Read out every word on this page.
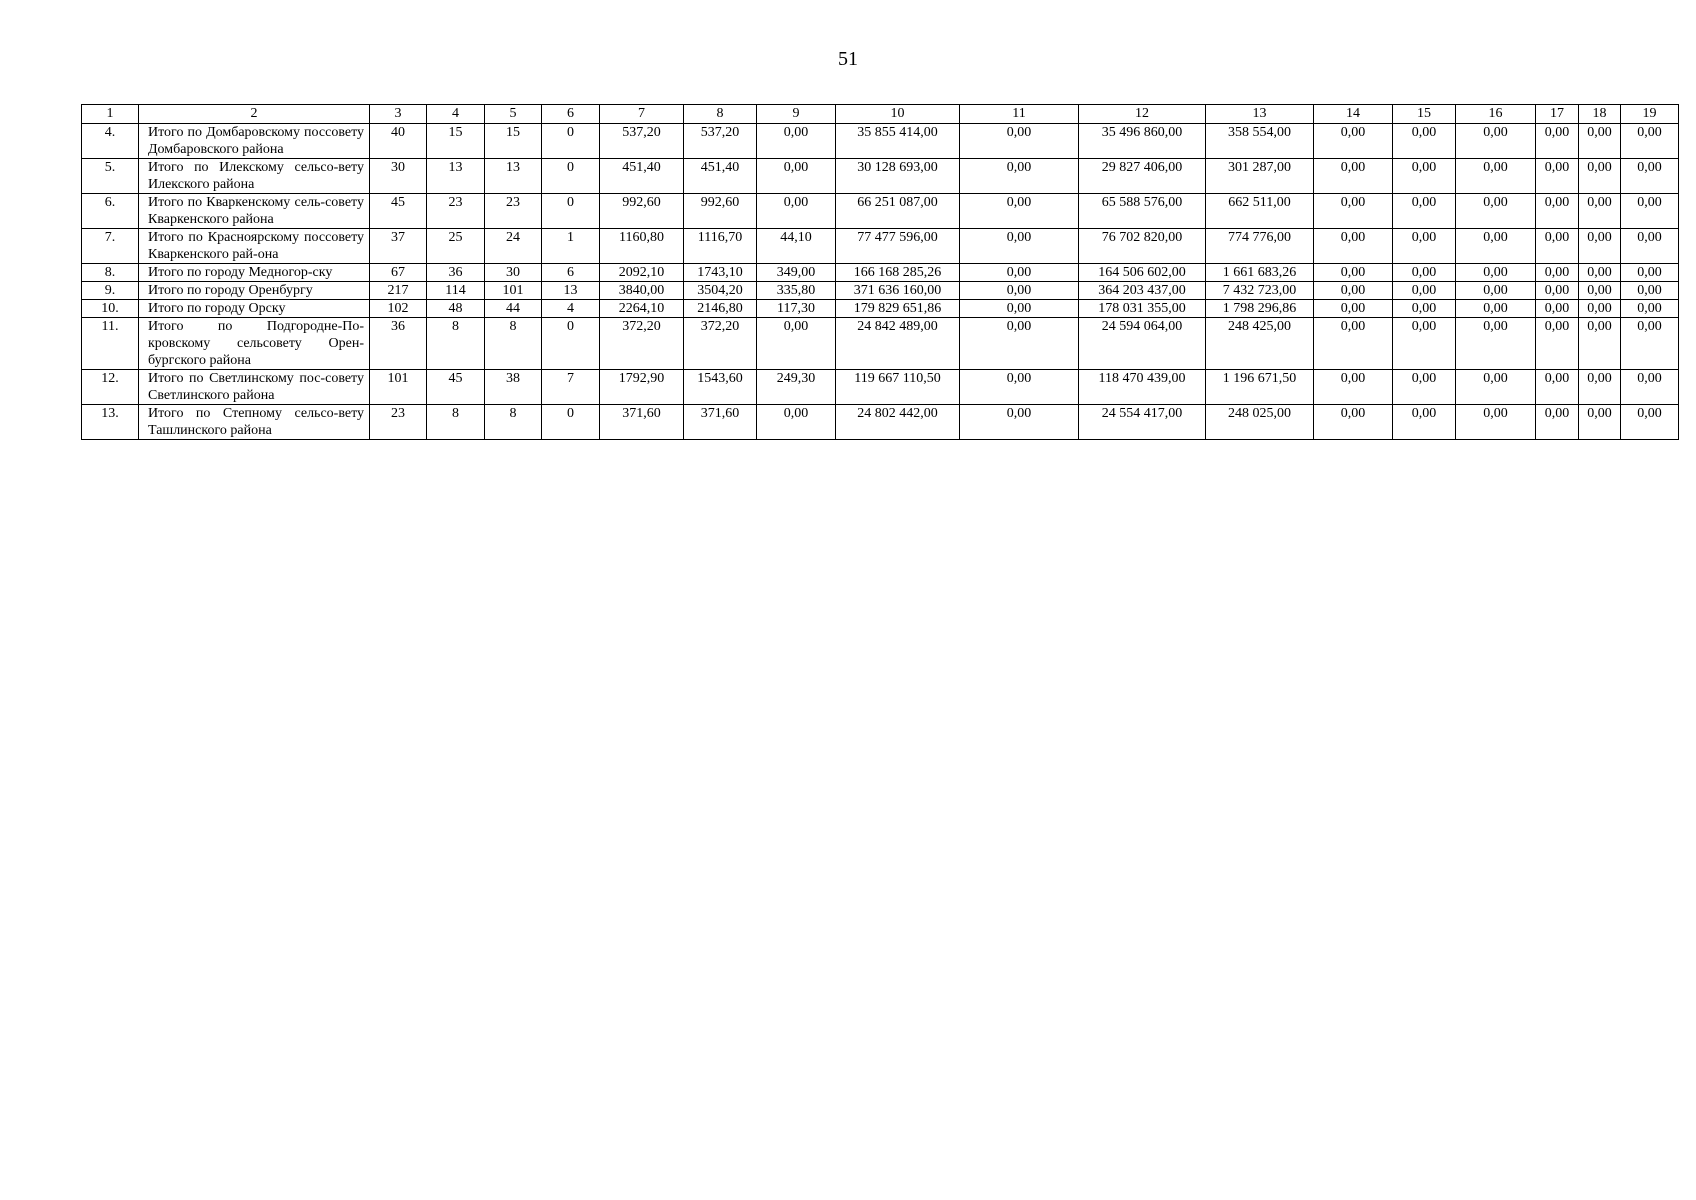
51
1	2	3	4	5	6	7	8	9	10	11	12	13	14	15	16	17	18	19
4.	Итого по Домбаровскому поссовету Домбаровского района	40	15	15	0	537,20	537,20	0,00	35 855 414,00	0,00	35 496 860,00	358 554,00	0,00	0,00	0,00	0,00	0,00	0,00
5.	Итого по Илекскому сельсо-вету Илекского района	30	13	13	0	451,40	451,40	0,00	30 128 693,00	0,00	29 827 406,00	301 287,00	0,00	0,00	0,00	0,00	0,00	0,00
6.	Итого по Кваркенскому сель-совету Кваркенского района	45	23	23	0	992,60	992,60	0,00	66 251 087,00	0,00	65 588 576,00	662 511,00	0,00	0,00	0,00	0,00	0,00	0,00
7.	Итого по Красноярскому поссовету Кваркенского рай-она	37	25	24	1	1160,80	1116,70	44,10	77 477 596,00	0,00	76 702 820,00	774 776,00	0,00	0,00	0,00	0,00	0,00	0,00
8.	Итого по городу Медногор-ску	67	36	30	6	2092,10	1743,10	349,00	166 168 285,26	0,00	164 506 602,00	1 661 683,26	0,00	0,00	0,00	0,00	0,00	0,00
9.	Итого по городу Оренбургу	217	114	101	13	3840,00	3504,20	335,80	371 636 160,00	0,00	364 203 437,00	7 432 723,00	0,00	0,00	0,00	0,00	0,00	0,00
10.	Итого по городу Орску	102	48	44	4	2264,10	2146,80	117,30	179 829 651,86	0,00	178 031 355,00	1 798 296,86	0,00	0,00	0,00	0,00	0,00	0,00
11.	Итого по Подгородне-По-кровскому сельсовету Орен-бургского района	36	8	8	0	372,20	372,20	0,00	24 842 489,00	0,00	24 594 064,00	248 425,00	0,00	0,00	0,00	0,00	0,00	0,00
12.	Итого по Светлинскому пос-совету Светлинского района	101	45	38	7	1792,90	1543,60	249,30	119 667 110,50	0,00	118 470 439,00	1 196 671,50	0,00	0,00	0,00	0,00	0,00	0,00
13.	Итого по Степному сельсо-вету Ташлинского района	23	8	8	0	371,60	371,60	0,00	24 802 442,00	0,00	24 554 417,00	248 025,00	0,00	0,00	0,00	0,00	0,00	0,00
